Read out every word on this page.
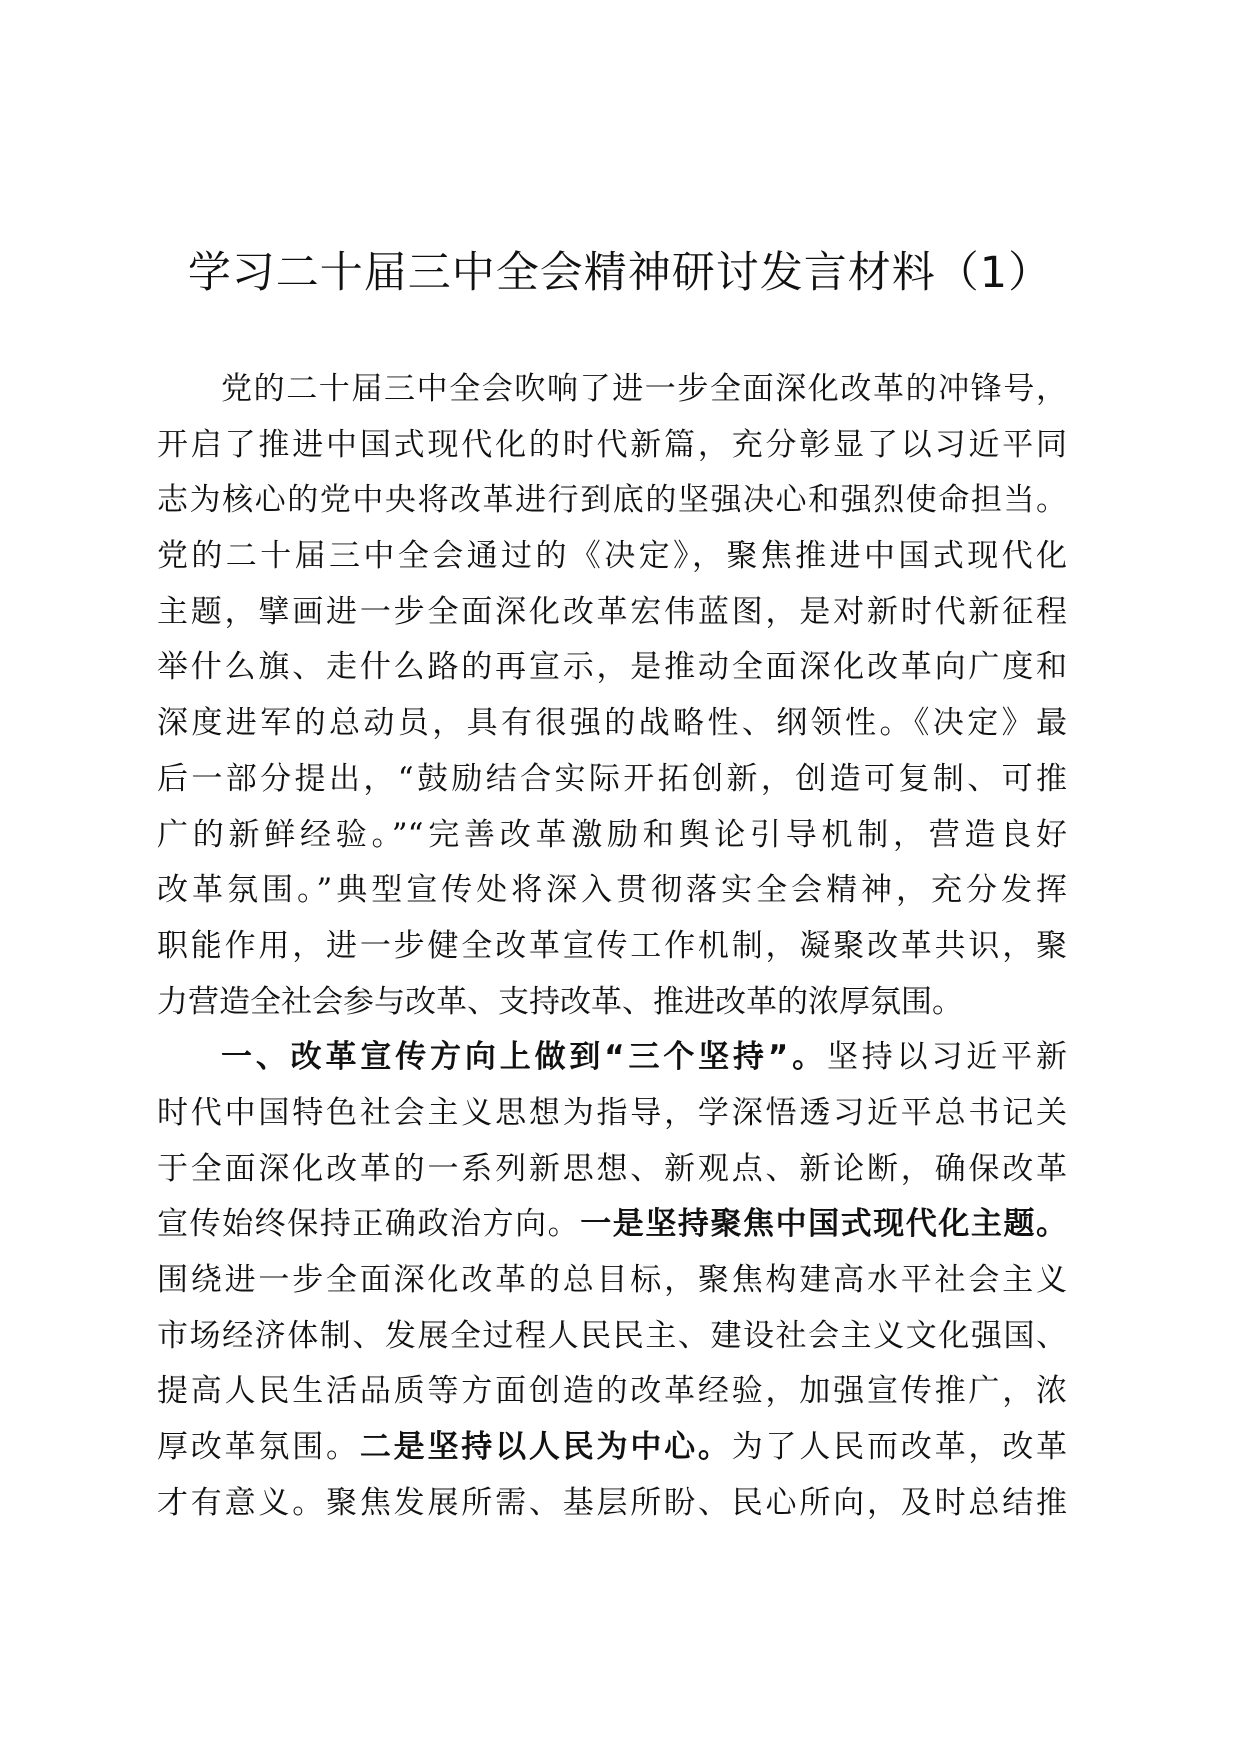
学习二十届三中全会精神研讨发言材料（1）
党的二十届三中全会吹响了进一步全面深化改革的冲锋号，
开启了推进中国式现代化的时代新篇，充分彰显了以习近平同
志为核心的党中央将改革进行到底的坚强决心和强烈使命担当。
党的二十届三中全会通过的《决定》，聚焦推进中国式现代化
主题，擘画进一步全面深化改革宏伟蓝图，是对新时代新征程
举什么旗、走什么路的再宣示，是推动全面深化改革向广度和
深度进军的总动员，具有很强的战略性、纲领性。《决定》最
后一部分提出，“鼓励结合实际开拓创新，创造可复制、可推
广的新鲜经验。”“完善改革激励和舆论引导机制，营造良好
改革氛围。”典型宣传处将深入贯彻落实全会精神，充分发挥
职能作用，进一步健全改革宣传工作机制，凝聚改革共识，聚
力营造全社会参与改革、支持改革、推进改革的浓厚氛围。
一、改革宣传方向上做到“三个坚持”。坚持以习近平新
时代中国特色社会主义思想为指导，学深悟透习近平总书记关
于全面深化改革的一系列新思想、新观点、新论断，确保改革
宣传始终保持正确政治方向。一是坚持聚焦中国式现代化主题。
围绕进一步全面深化改革的总目标，聚焦构建高水平社会主义
市场经济体制、发展全过程人民民主、建设社会主义文化强国、
提高人民生活品质等方面创造的改革经验，加强宣传推广，浓
厚改革氛围。二是坚持以人民为中心。为了人民而改革，改革
才有意义。聚焦发展所需、基层所盼、民心所向，及时总结推
